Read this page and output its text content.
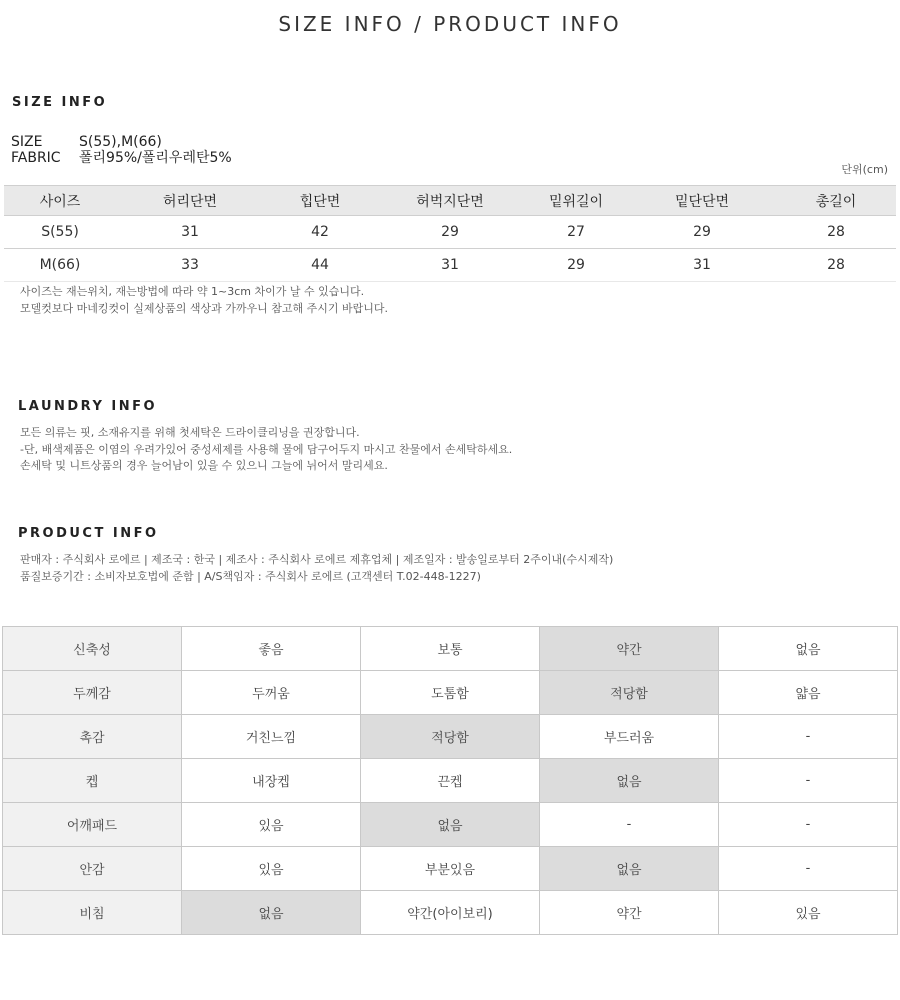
SIZE INFO / PRODUCT INFO
SIZE INFO
SIZE	S(55),M(66)
FABRIC 폴리95%/폴리우레탄5%
단위(cm)
사이즈	허리단면	힙단면	허벅지단면	밑위길이	밑단단면	총길이
S(55)	31	42	29	27	29	28
M(66)	33	44	31	29	31	28

사이즈는 재는위치, 재는방법에 따라 약 1~3cm 차이가 날 수 있습니다.

모델컷보다 마네킹컷이 실제상품의 색상과 가까우니 참고해 주시기 바랍니다.

LAUNDRY INFO

모든 의류는 핏, 소재유지를 위해 첫세탁은 드라이클리닝을 권장합니다.

-단, 배색제품은 이염의 우려가있어 중성세제를 사용해 물에 담구어두지 마시고 찬물에서 손세탁하세요.

손세탁 및 니트상품의 경우 늘어남이 있을 수 있으니 그늘에 뉘어서 말리세요.

PRODUCT INFO

판매자 : 주식회사 로에르 | 제조국 : 한국 | 제조사 : 주식회사 로에르 제휴업체 | 제조일자 : 발송일로부터 2주이내(수시제작)

품질보증기간 : 소비자보호법에 준함 | A/S책임자 : 주식회사 로에르 (고객센터 T.02-448-1227)

신축성	좋음	보통	약간	없음
두께감	두꺼움	도톰함	적당함	얇음
촉감	거친느낌	적당함	부드러움	-
켑	내장켑	끈켑	없음	-
어깨패드	있음	없음	-	-
안감	있음	부분있음	없음	-
비침	없음	약간(아이보리)	약간	있음
